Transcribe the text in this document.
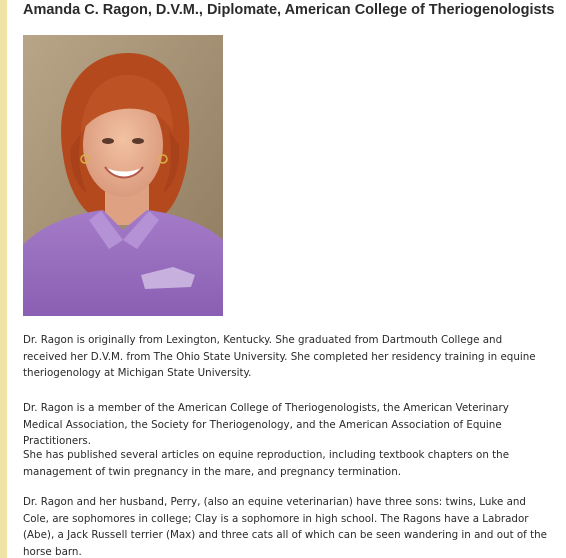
Amanda C. Ragon, D.V.M., Diplomate, American College of Theriogenologists

Dr. Ragon is originally from Lexington, Kentucky. She graduated from Dartmouth College and received her D.V.M. from The Ohio State University. She completed her residency training in equine theriogenology at Michigan State University.

Dr. Ragon is a member of the American College of Theriogenologists, the American Veterinary Medical Association, the Society for Theriogenology, and the American Association of Equine Practitioners.

She has published several articles on equine reproduction, including textbook chapters on the management of twin pregnancy in the mare, and pregnancy termination.

Dr. Ragon and her husband, Perry, (also an equine veterinarian) have three sons: twins, Luke and Cole, are sophomores in college; Clay is a sophomore in high school. The Ragons have a Labrador (Abe), a Jack Russell terrier (Max) and three cats all of which can be seen wandering in and out of the horse barn.
